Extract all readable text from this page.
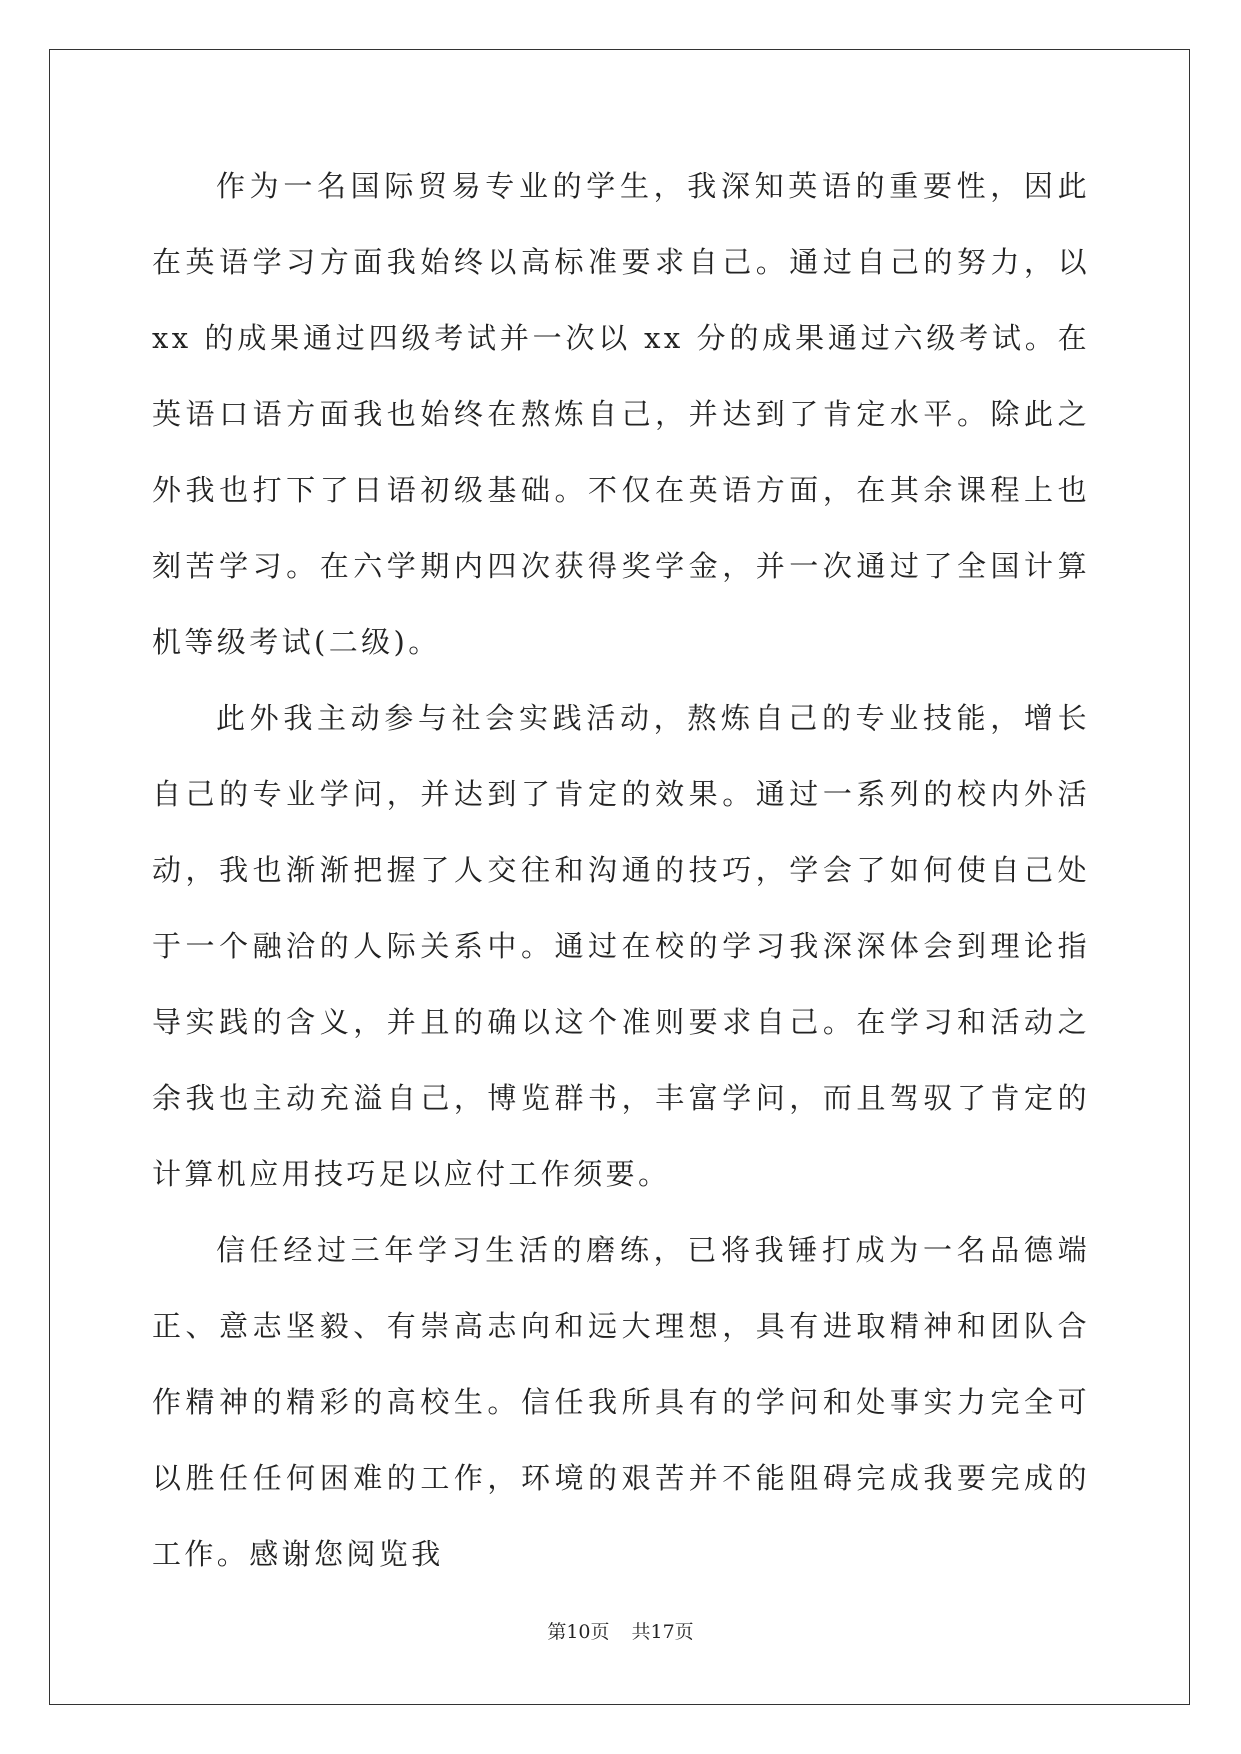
作为一名国际贸易专业的学生，我深知英语的重要性，因此在英语学习方面我始终以高标准要求自己。通过自己的努力，以 xx 的成果通过四级考试并一次以 xx 分的成果通过六级考试。在英语口语方面我也始终在熬炼自己，并达到了肯定水平。除此之外我也打下了日语初级基础。不仅在英语方面，在其余课程上也刻苦学习。在六学期内四次获得奖学金，并一次通过了全国计算机等级考试(二级)。

此外我主动参与社会实践活动，熬炼自己的专业技能，增长自己的专业学问，并达到了肯定的效果。通过一系列的校内外活动，我也渐渐把握了人交往和沟通的技巧，学会了如何使自己处于一个融洽的人际关系中。通过在校的学习我深深体会到理论指导实践的含义，并且的确以这个准则要求自己。在学习和活动之余我也主动充溢自己，博览群书，丰富学问，而且驾驭了肯定的计算机应用技巧足以应付工作须要。

信任经过三年学习生活的磨练，已将我锤打成为一名品德端正、意志坚毅、有崇高志向和远大理想，具有进取精神和团队合作精神的精彩的高校生。信任我所具有的学问和处事实力完全可以胜任任何困难的工作，环境的艰苦并不能阻碍完成我要完成的工作。感谢您阅览我

第10页 共17页
